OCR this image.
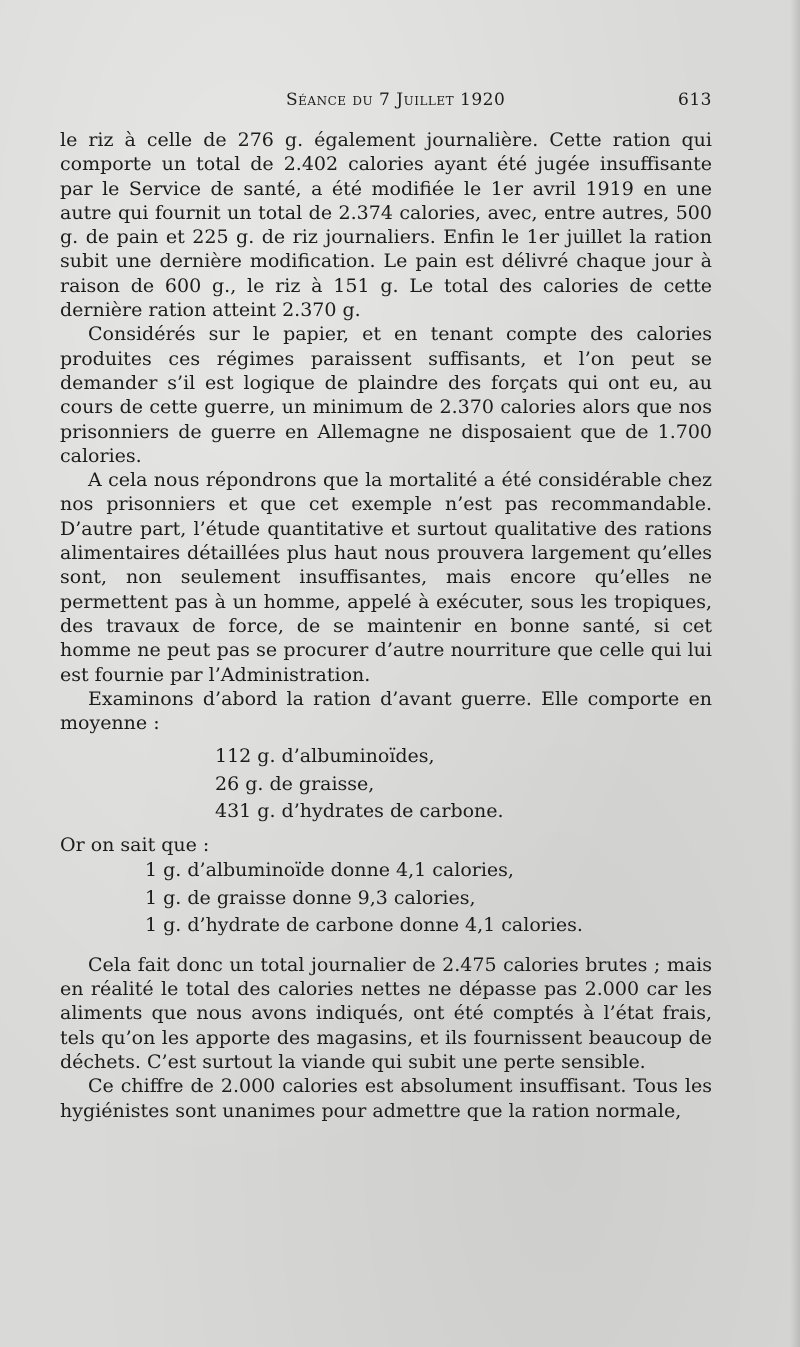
Séance du 7 Juillet 1920	613

le riz à celle de 276 g. également journalière. Cette ration qui comporte un total de 2.402 calories ayant été jugée insuffisante par le Service de santé, a été modifiée le 1er avril 1919 en une autre qui fournit un total de 2.374 calories, avec, entre autres, 500 g. de pain et 225 g. de riz journaliers. Enfin le 1er juillet la ration subit une dernière modification. Le pain est délivré chaque jour à raison de 600 g., le riz à 151 g. Le total des calories de cette dernière ration atteint 2.370 g.

Considérés sur le papier, et en tenant compte des calories produites ces régimes paraissent suffisants, et l’on peut se demander s’il est logique de plaindre des forçats qui ont eu, au cours de cette guerre, un minimum de 2.370 calories alors que nos prisonniers de guerre en Allemagne ne disposaient que de 1.700 calories.

A cela nous répondrons que la mortalité a été considérable chez nos prisonniers et que cet exemple n’est pas recommandable. D’autre part, l’étude quantitative et surtout qualitative des rations alimentaires détaillées plus haut nous prouvera largement qu’elles sont, non seulement insuffisantes, mais encore qu’elles ne permettent pas à un homme, appelé à exécuter, sous les tropiques, des travaux de force, de se maintenir en bonne santé, si cet homme ne peut pas se procurer d’autre nourriture que celle qui lui est fournie par l’Administration.

Examinons d’abord la ration d’avant guerre. Elle comporte en moyenne :

112 g. d’albuminoïdes,
26 g. de graisse,
431 g. d’hydrates de carbone.

Or on sait que :

1 g. d’albuminoïde donne 4,1 calories,
1 g. de graisse donne 9,3 calories,
1 g. d’hydrate de carbone donne 4,1 calories.

Cela fait donc un total journalier de 2.475 calories brutes ; mais en réalité le total des calories nettes ne dépasse pas 2.000 car les aliments que nous avons indiqués, ont été comptés à l’état frais, tels qu’on les apporte des magasins, et ils fournissent beaucoup de déchets. C’est surtout la viande qui subit une perte sensible.

Ce chiffre de 2.000 calories est absolument insuffisant. Tous les hygiénistes sont unanimes pour admettre que la ration normale,
